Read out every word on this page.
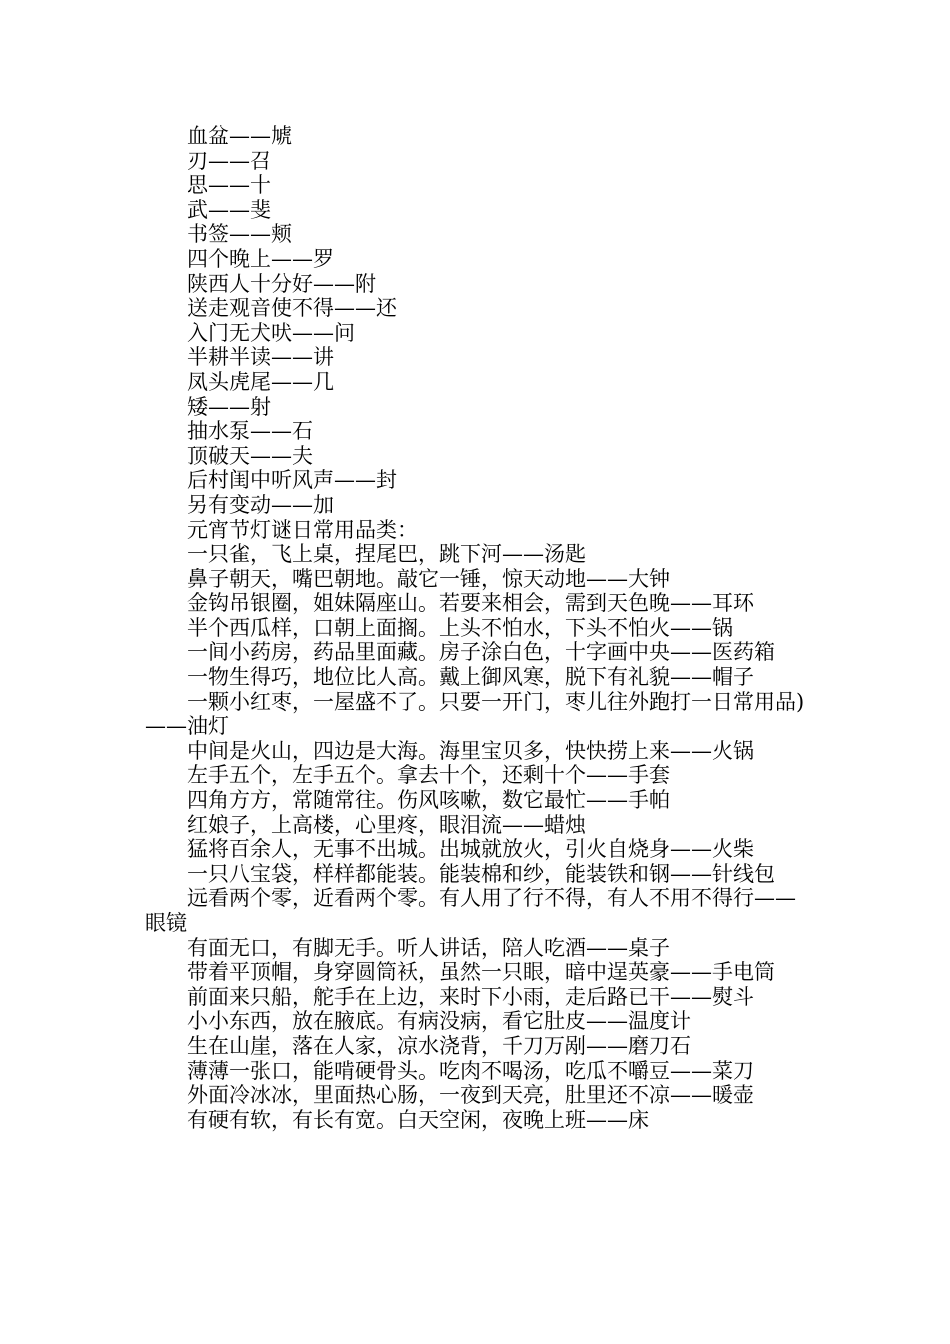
血盆——虓

刃——召

思——十

武——斐

书签——颊

四个晚上——罗

陕西人十分好——附

送走观音使不得——还

入门无犬吠——问

半耕半读——讲

凤头虎尾——几

矮——射

抽水泵——石

顶破天——夫

后村闺中听风声——封

另有变动——加

元宵节灯谜日常用品类：

一只雀，飞上桌，捏尾巴，跳下河——汤匙

鼻子朝天，嘴巴朝地。敲它一锤，惊天动地——大钟

金钩吊银圈，姐妹隔座山。若要来相会，需到天色晚——耳环

半个西瓜样，口朝上面搁。上头不怕水，下头不怕火——锅

一间小药房，药品里面藏。房子涂白色，十字画中央——医药箱

一物生得巧，地位比人高。戴上御风寒，脱下有礼貌——帽子

一颗小红枣，一屋盛不了。只要一开门，枣儿往外跑打一日常用品)——油灯

中间是火山，四边是大海。海里宝贝多，快快捞上来——火锅

左手五个，左手五个。拿去十个，还剩十个——手套

四角方方，常随常往。伤风咳嗽，数它最忙——手帕

红娘子，上高楼，心里疼，眼泪流——蜡烛

猛将百余人，无事不出城。出城就放火，引火自烧身——火柴

一只八宝袋，样样都能装。能装棉和纱，能装铁和钢——针线包

远看两个零，近看两个零。有人用了行不得，有人不用不得行——眼镜

有面无口，有脚无手。听人讲话，陪人吃酒——桌子

带着平顶帽，身穿圆筒袄，虽然一只眼，暗中逞英豪——手电筒

前面来只船，舵手在上边，来时下小雨，走后路已干——熨斗

小小东西，放在腋底。有病没病，看它肚皮——温度计

生在山崖，落在人家，凉水浇背，千刀万剐——磨刀石

薄薄一张口，能啃硬骨头。吃肉不喝汤，吃瓜不嚼豆——菜刀

外面冷冰冰，里面热心肠，一夜到天亮，肚里还不凉——暖壶

有硬有软，有长有宽。白天空闲，夜晚上班——床
